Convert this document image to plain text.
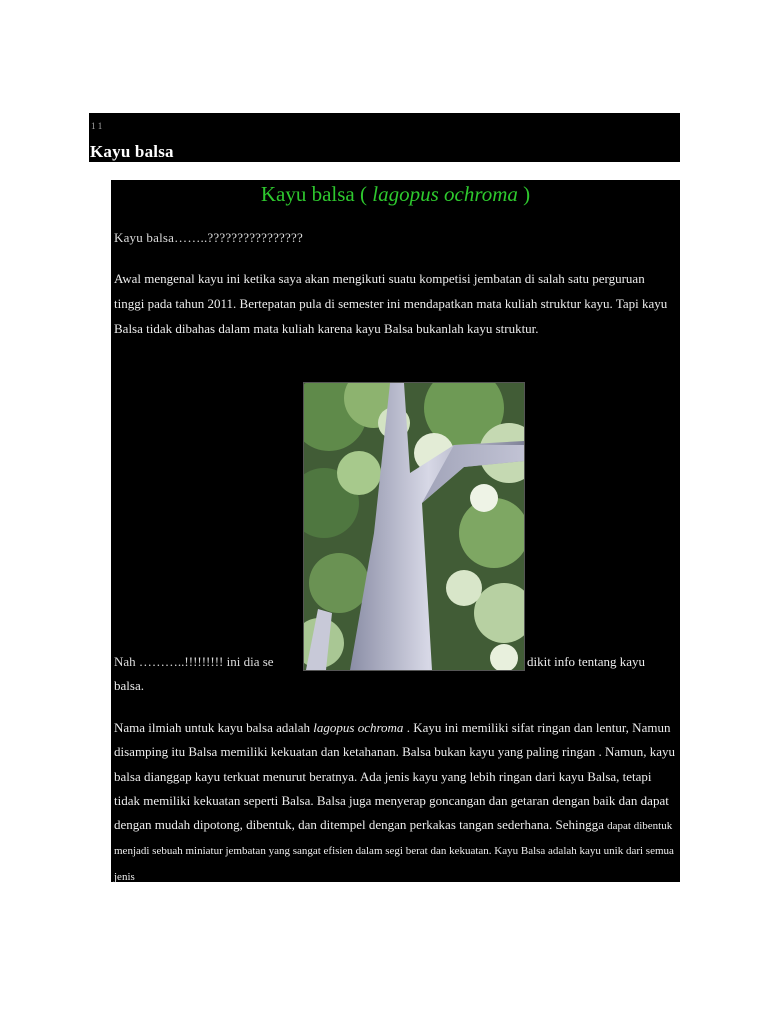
1 1
Kayu balsa
Kayu balsa ( lagopus ochroma )
Kayu balsa……..????????????????
Awal mengenal kayu ini ketika saya akan mengikuti suatu kompetisi jembatan di salah satu perguruan tinggi pada tahun 2011. Bertepatan pula di semester ini mendapatkan mata kuliah struktur kayu. Tapi kayu Balsa tidak dibahas dalam mata kuliah karena kayu Balsa bukanlah kayu struktur.
Nah ………..!!!!!!!!! ini dia se	dikit info tentang kayu
balsa.
Nama ilmiah untuk kayu balsa adalah lagopus ochroma . Kayu ini memiliki sifat ringan dan lentur, Namun disamping itu Balsa memiliki kekuatan dan ketahanan. Balsa bukan kayu yang paling ringan . Namun, kayu balsa dianggap kayu terkuat menurut beratnya. Ada jenis kayu yang lebih ringan dari kayu Balsa, tetapi tidak memiliki kekuatan seperti Balsa. Balsa juga menyerap goncangan dan getaran dengan baik dan dapat dengan mudah dipotong, dibentuk, dan ditempel dengan perkakas tangan sederhana. Sehingga dapat dibentuk menjadi sebuah miniatur jembatan yang sangat efisien dalam segi berat dan kekuatan. Kayu Balsa adalah kayu unik dari semua jenis
